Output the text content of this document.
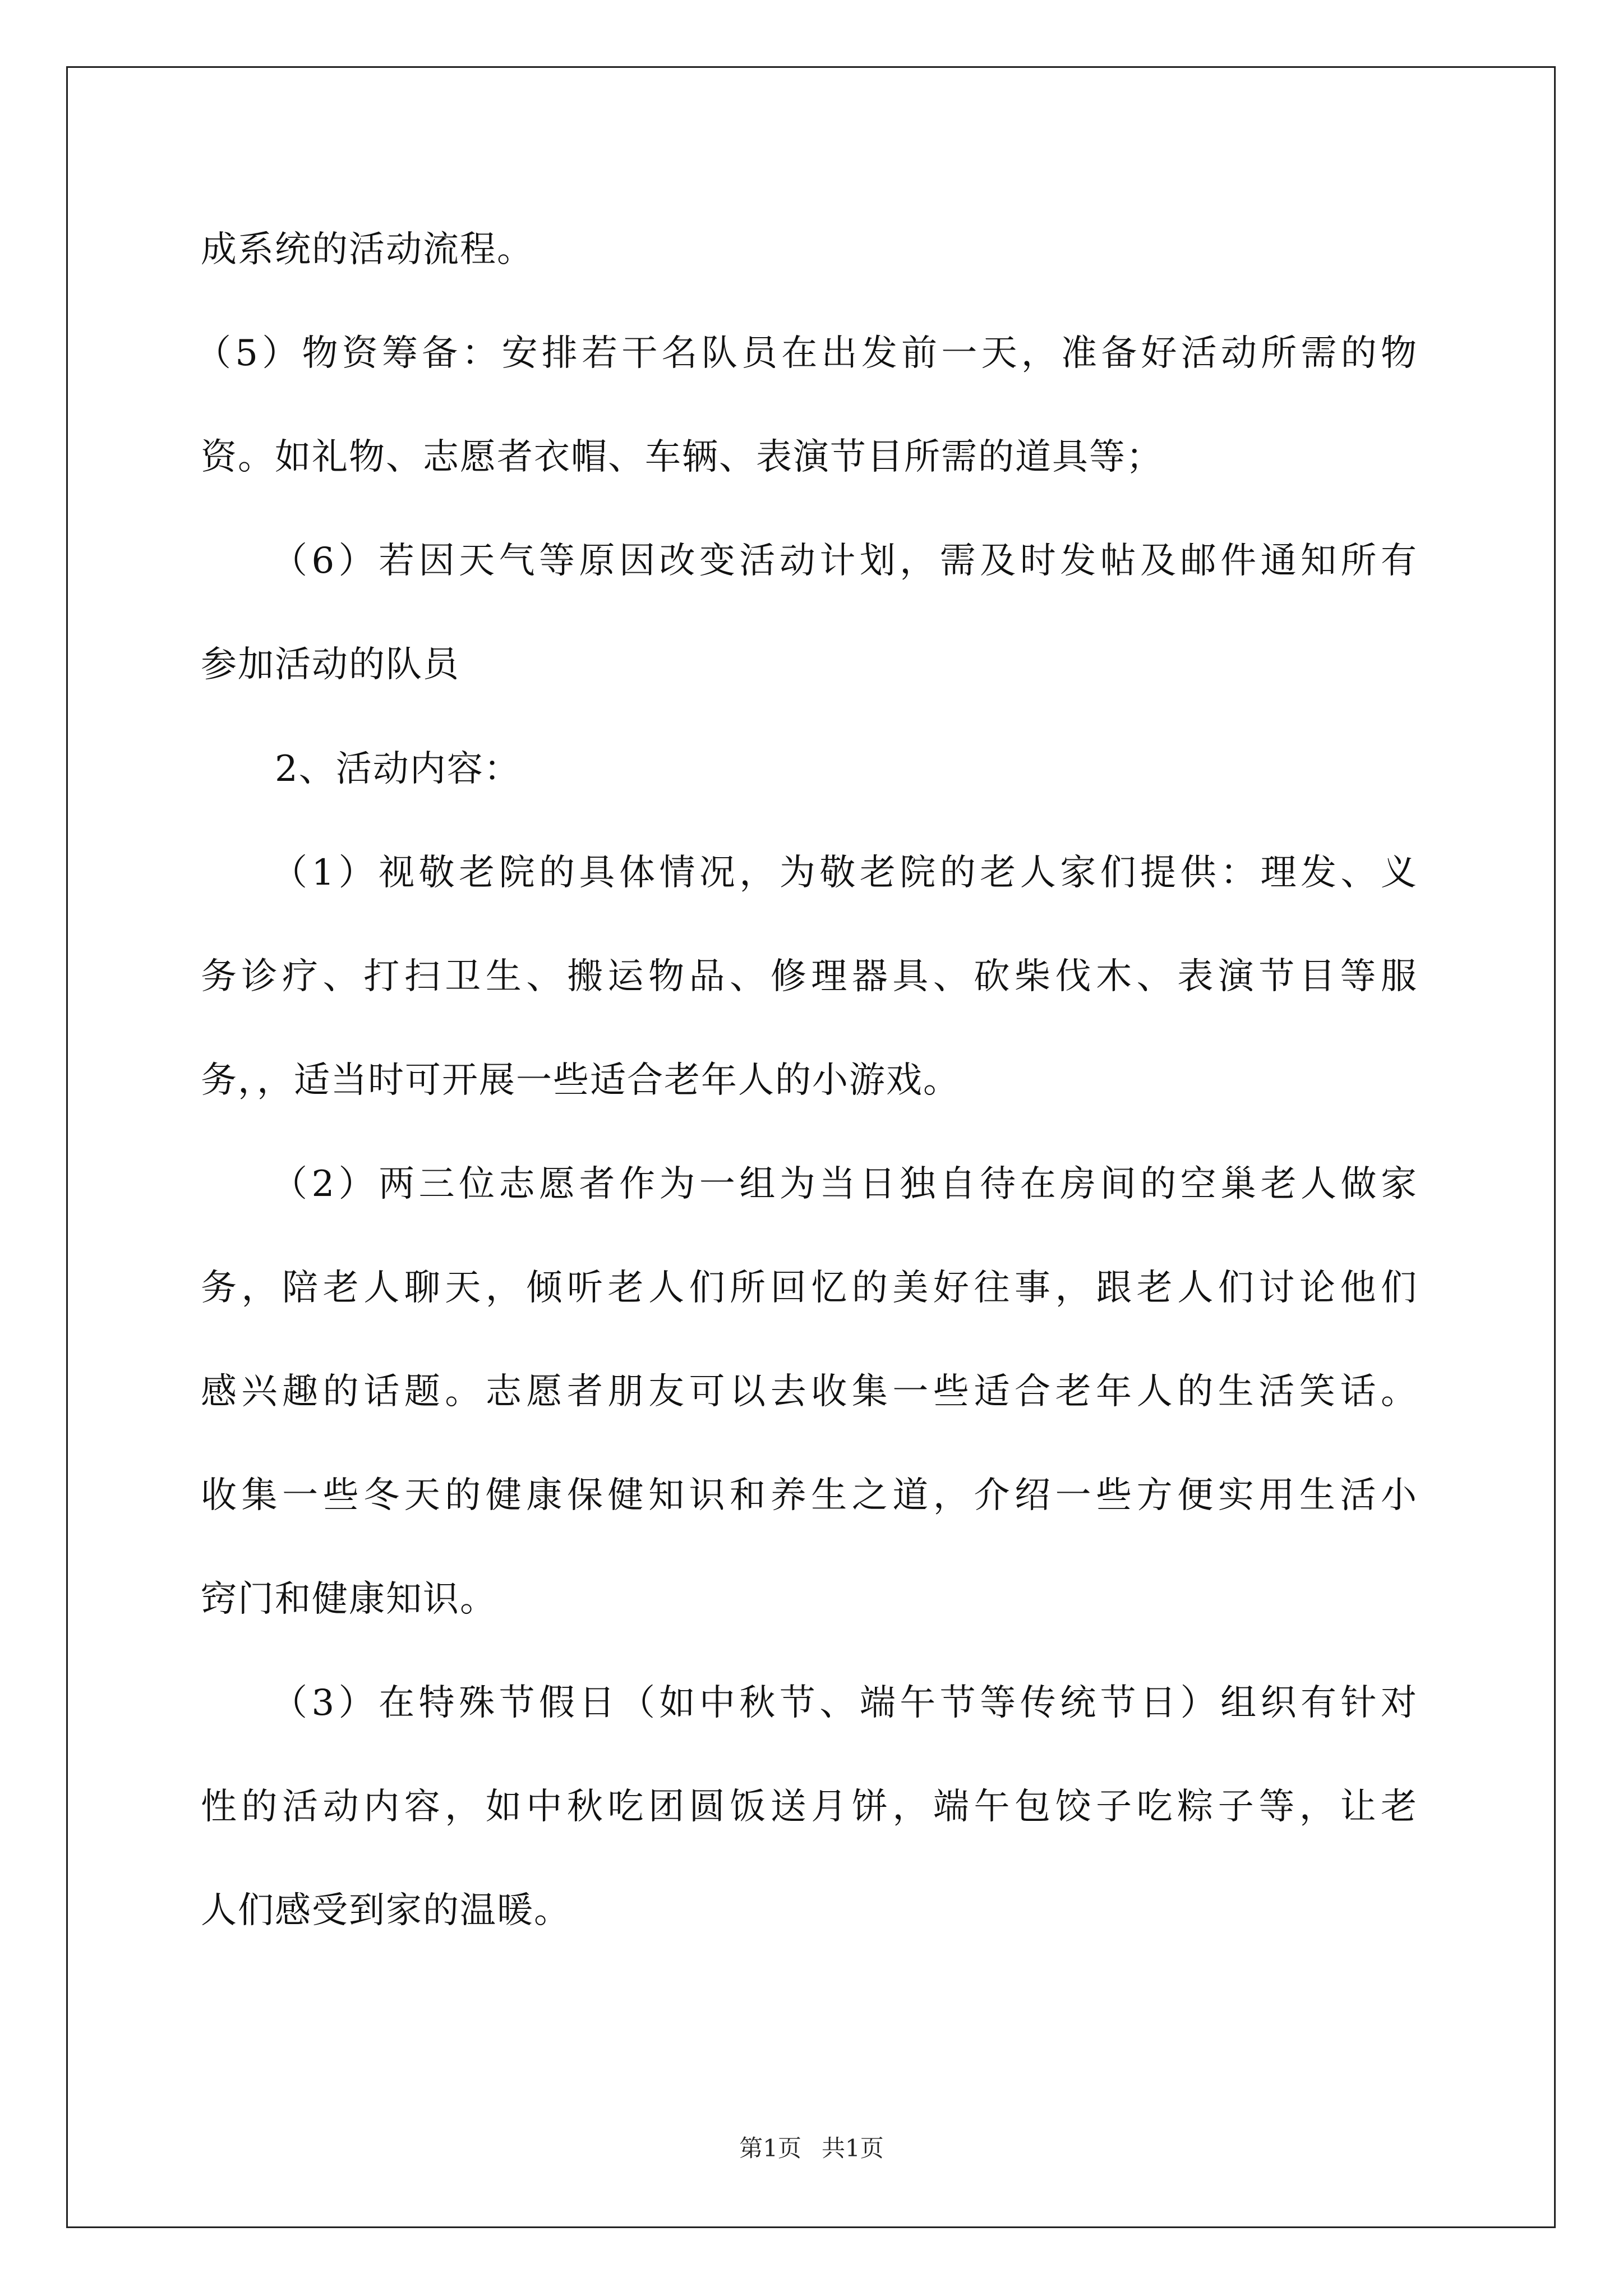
成系统的活动流程。
（5）物资筹备：安排若干名队员在出发前一天，准备好活动所需的物
资。如礼物、志愿者衣帽、车辆、表演节目所需的道具等；
（6）若因天气等原因改变活动计划，需及时发帖及邮件通知所有
参加活动的队员
2、活动内容：
（1）视敬老院的具体情况，为敬老院的老人家们提供：理发、义
务诊疗、打扫卫生、搬运物品、修理器具、砍柴伐木、表演节目等服
务，，适当时可开展一些适合老年人的小游戏。
（2）两三位志愿者作为一组为当日独自待在房间的空巢老人做家
务，陪老人聊天，倾听老人们所回忆的美好往事，跟老人们讨论他们
感兴趣的话题。志愿者朋友可以去收集一些适合老年人的生活笑话。
收集一些冬天的健康保健知识和养生之道，介绍一些方便实用生活小
窍门和健康知识。
（3）在特殊节假日（如中秋节、端午节等传统节日）组织有针对
性的活动内容，如中秋吃团圆饭送月饼，端午包饺子吃粽子等，让老
人们感受到家的温暖。
第1页 共1页
